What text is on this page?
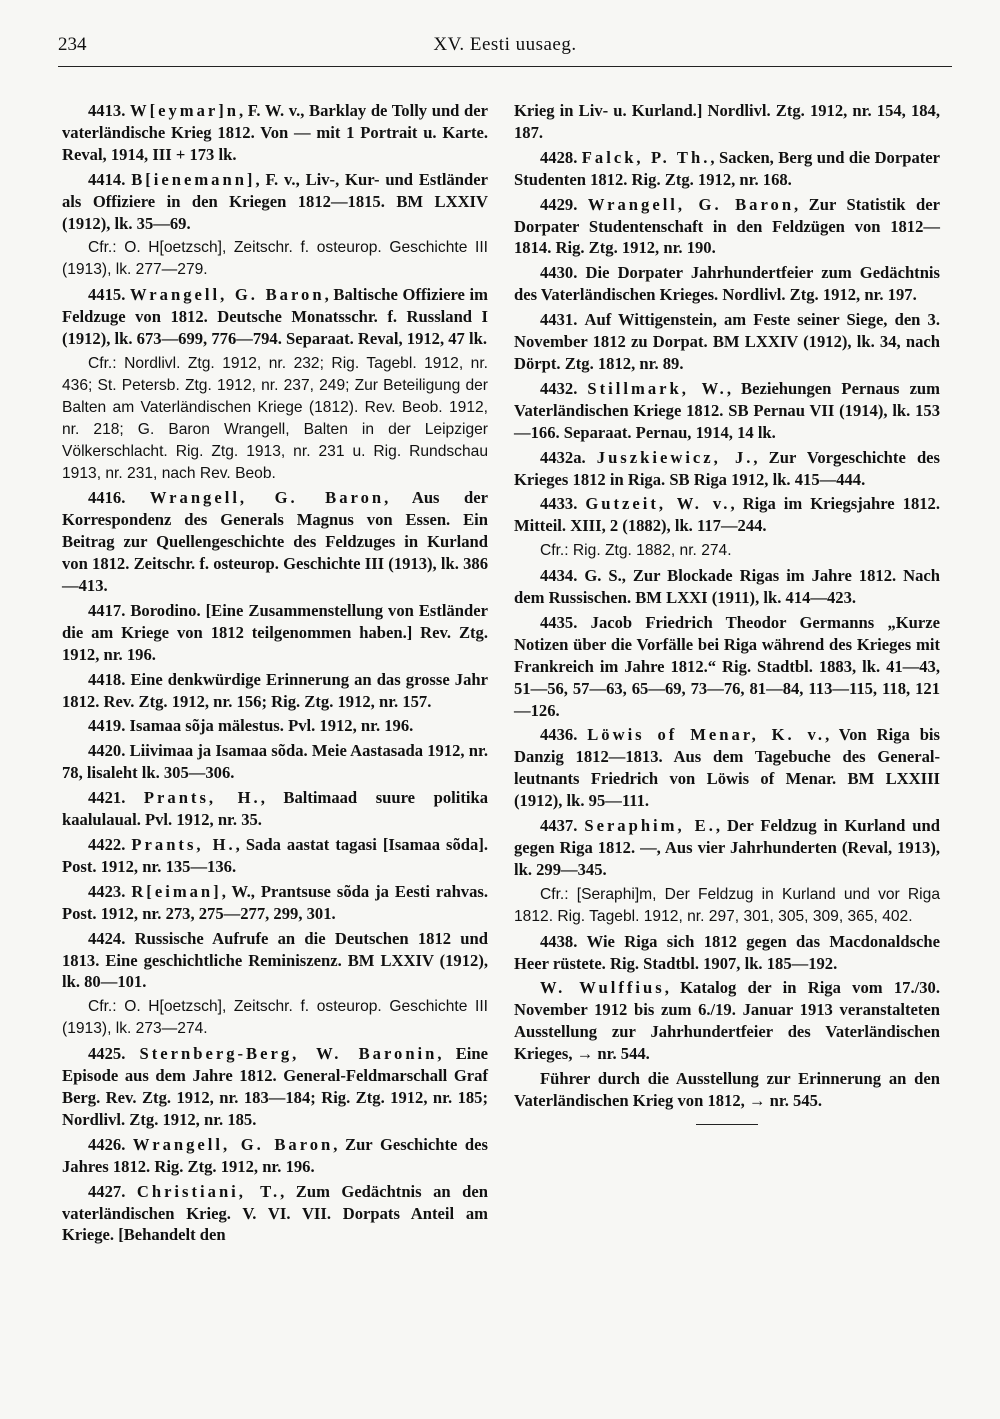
234	XV. Eesti uusaeg.

4413. W[eymar]n, F. W. v., Barklay de Tolly und der vaterländische Krieg 1812. Von — mit 1 Portrait u. Karte. Reval, 1914, III + 173 lk.

4414. B[ienemann], F. v., Liv-, Kur- und Estländer als Offiziere in den Kriegen 1812—1815. BM LXXIV (1912), lk. 35—69.

Cfr.: O. H[oetzsch], Zeitschr. f. osteurop. Geschichte III (1913), lk. 277—279.

4415. Wrangell, G. Baron, Baltische Offiziere im Feldzuge von 1812. Deutsche Monatsschr. f. Russland I (1912), lk. 673—699, 776—794. Separaat. Reval, 1912, 47 lk.

Cfr.: Nordlivl. Ztg. 1912, nr. 232; Rig. Tagebl. 1912, nr. 436; St. Petersb. Ztg. 1912, nr. 237, 249; Zur Beteiligung der Balten am Vaterländischen Kriege (1812). Rev. Beob. 1912, nr. 218; G. Baron Wrangell, Balten in der Leipziger Völkerschlacht. Rig. Ztg. 1913, nr. 231 u. Rig. Rundschau 1913, nr. 231, nach Rev. Beob.

4416. Wrangell, G. Baron, Aus der Korrespondenz des Generals Magnus von Essen. Ein Beitrag zur Quellengeschichte des Feldzuges in Kurland von 1812. Zeitschr. f. osteurop. Geschichte III (1913), lk. 386—413.

4417. Borodino. [Eine Zusammenstellung von Estländer die am Kriege von 1812 teilgenommen haben.] Rev. Ztg. 1912, nr. 196.

4418. Eine denkwürdige Erinnerung an das grosse Jahr 1812. Rev. Ztg. 1912, nr. 156; Rig. Ztg. 1912, nr. 157.

4419. Isamaa sõja mälestus. Pvl. 1912, nr. 196.

4420. Liivimaa ja Isamaa sõda. Meie Aastasada 1912, nr. 78, lisaleht lk. 305—306.

4421. Prants, H., Baltimaad suure politika kaalulaual. Pvl. 1912, nr. 35.

4422. Prants, H., Sada aastat tagasi [Isamaa sõda]. Post. 1912, nr. 135—136.

4423. R[eiman], W., Prantsuse sõda ja Eesti rahvas. Post. 1912, nr. 273, 275—277, 299, 301.

4424. Russische Aufrufe an die Deutschen 1812 und 1813. Eine geschichtliche Reminiszenz. BM LXXIV (1912), lk. 80—101.

Cfr.: O. H[oetzsch], Zeitschr. f. osteurop. Geschichte III (1913), lk. 273—274.

4425. Sternberg-Berg, W. Baronin, Eine Episode aus dem Jahre 1812. General-Feldmarschall Graf Berg. Rev. Ztg. 1912, nr. 183—184; Rig. Ztg. 1912, nr. 185; Nordlivl. Ztg. 1912, nr. 185.

4426. Wrangell, G. Baron, Zur Geschichte des Jahres 1812. Rig. Ztg. 1912, nr. 196.

4427. Christiani, T., Zum Gedächtnis an den vaterländischen Krieg. V. VI. VII. Dorpats Anteil am Kriege. [Behandelt den

Krieg in Liv- u. Kurland.] Nordlivl. Ztg. 1912, nr. 154, 184, 187.

4428. Falck, P. Th., Sacken, Berg und die Dorpater Studenten 1812. Rig. Ztg. 1912, nr. 168.

4429. Wrangell, G. Baron, Zur Statistik der Dorpater Studentenschaft in den Feldzügen von 1812—1814. Rig. Ztg. 1912, nr. 190.

4430. Die Dorpater Jahrhundertfeier zum Gedächtnis des Vaterländischen Krieges. Nordlivl. Ztg. 1912, nr. 197.

4431. Auf Wittigenstein, am Feste seiner Siege, den 3. November 1812 zu Dorpat. BM LXXIV (1912), lk. 34, nach Dörpt. Ztg. 1812, nr. 89.

4432. Stillmark, W., Beziehungen Pernaus zum Vaterländischen Kriege 1812. SB Pernau VII (1914), lk. 153—166. Separaat. Pernau, 1914, 14 lk.

4432a. Juszkiewicz, J., Zur Vorgeschichte des Krieges 1812 in Riga. SB Riga 1912, lk. 415—444.

4433. Gutzeit, W. v., Riga im Kriegsjahre 1812. Mitteil. XIII, 2 (1882), lk. 117—244.

Cfr.: Rig. Ztg. 1882, nr. 274.

4434. G. S., Zur Blockade Rigas im Jahre 1812. Nach dem Russischen. BM LXXI (1911), lk. 414—423.

4435. Jacob Friedrich Theodor Germanns „Kurze Notizen über die Vorfälle bei Riga während des Krieges mit Frankreich im Jahre 1812.“ Rig. Stadtbl. 1883, lk. 41—43, 51—56, 57—63, 65—69, 73—76, 81—84, 113—115, 118, 121—126.

4436. Löwis of Menar, K. v., Von Riga bis Danzig 1812—1813. Aus dem Tagebuche des General-leutnants Friedrich von Löwis of Menar. BM LXXIII (1912), lk. 95—111.

4437. Seraphim, E., Der Feldzug in Kurland und gegen Riga 1812. —, Aus vier Jahrhunderten (Reval, 1913), lk. 299—345.

Cfr.: [Seraphi]m, Der Feldzug in Kurland und vor Riga 1812. Rig. Tagebl. 1912, nr. 297, 301, 305, 309, 365, 402.

4438. Wie Riga sich 1812 gegen das Macdonaldsche Heer rüstete. Rig. Stadtbl. 1907, lk. 185—192.

W. Wulffius, Katalog der in Riga vom 17./30. November 1912 bis zum 6./19. Januar 1913 veranstalteten Ausstellung zur Jahrhundertfeier des Vaterländischen Krieges, → nr. 544.

Führer durch die Ausstellung zur Erinnerung an den Vaterländischen Krieg von 1812, → nr. 545.
